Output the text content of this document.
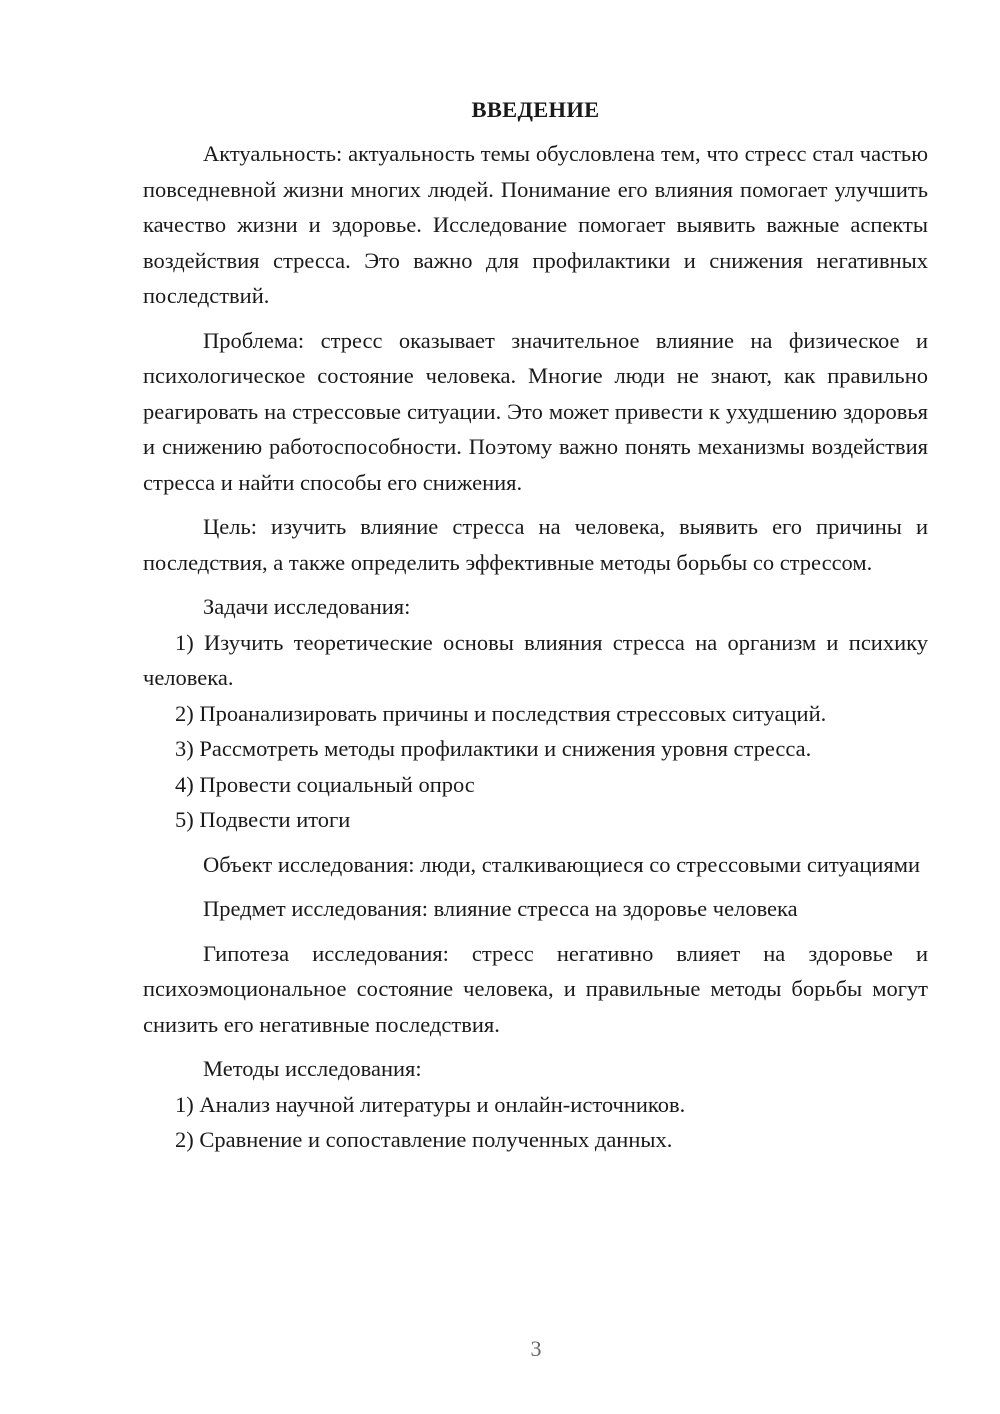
ВВЕДЕНИЕ

Актуальность: актуальность темы обусловлена тем, что стресс стал частью повседневной жизни многих людей. Понимание его влияния помогает улучшить качество жизни и здоровье. Исследование помогает выявить важные аспекты воздействия стресса. Это важно для профилактики и снижения негативных последствий.

Проблема: стресс оказывает значительное влияние на физическое и психологическое состояние человека. Многие люди не знают, как правильно реагировать на стрессовые ситуации. Это может привести к ухудшению здоровья и снижению работоспособности. Поэтому важно понять механизмы воздействия стресса и найти способы его снижения.

Цель: изучить влияние стресса на человека, выявить его причины и последствия, а также определить эффективные методы борьбы со стрессом.

Задачи исследования:

1) Изучить теоретические основы влияния стресса на организм и психику человека.

2) Проанализировать причины и последствия стрессовых ситуаций.

3) Рассмотреть методы профилактики и снижения уровня стресса.

4) Провести социальный опрос

5) Подвести итоги

Объект исследования: люди, сталкивающиеся со стрессовыми ситуациями

Предмет исследования: влияние стресса на здоровье человека

Гипотеза исследования: стресс негативно влияет на здоровье и психоэмоциональное состояние человека, и правильные методы борьбы могут снизить его негативные последствия.

Методы исследования:

1) Анализ научной литературы и онлайн-источников.

2) Сравнение и сопоставление полученных данных.

3
